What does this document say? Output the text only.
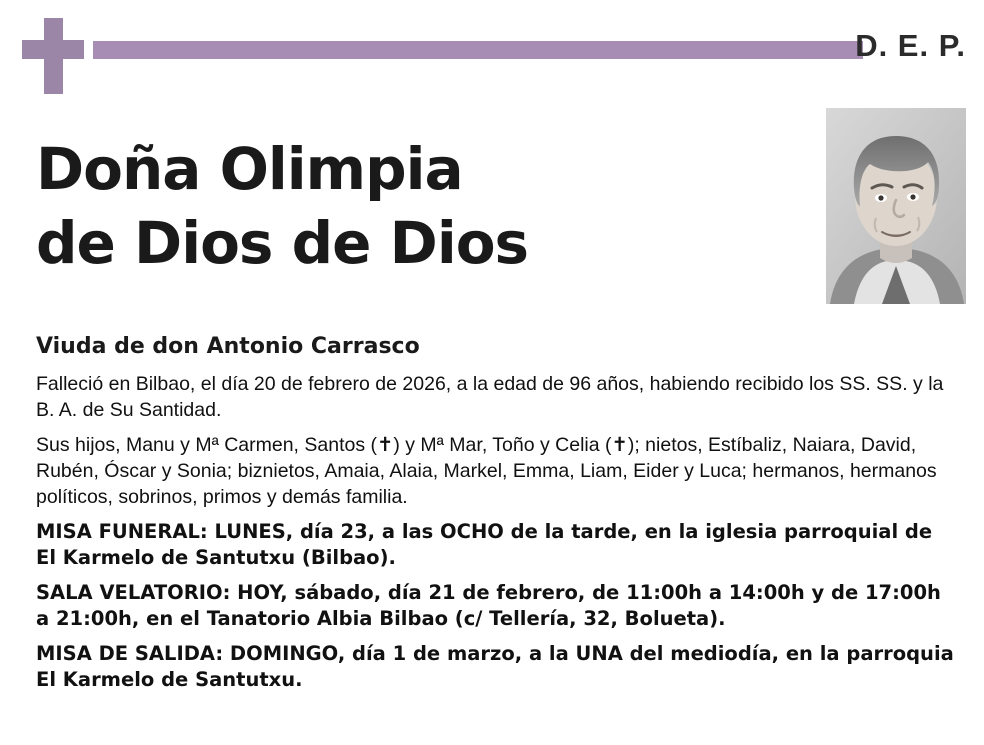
D. E. P.
Doña Olimpia
de Dios de Dios
Viuda de don Antonio Carrasco
Falleció en Bilbao, el día 20 de febrero de 2026, a la edad de 96 años, habiendo recibido los SS. SS. y la B. A. de Su Santidad.
Sus hijos, Manu y Mª Carmen, Santos (✝) y Mª Mar, Toño y Celia (✝); nietos, Estíbaliz, Naiara, David, Rubén, Óscar y Sonia; biznietos, Amaia, Alaia, Markel, Emma, Liam, Eider y Luca; hermanos, hermanos políticos, sobrinos, primos y demás familia.
MISA FUNERAL: LUNES, día 23, a las OCHO de la tarde, en la iglesia parroquial de El Karmelo de Santutxu (Bilbao).
SALA VELATORIO: HOY, sábado, día 21 de febrero, de 11:00h a 14:00h y de 17:00h a 21:00h, en el Tanatorio Albia Bilbao (c/ Tellería, 32, Bolueta).
MISA DE SALIDA: DOMINGO, día 1 de marzo, a la UNA del mediodía, en la parroquia El Karmelo de Santutxu.
